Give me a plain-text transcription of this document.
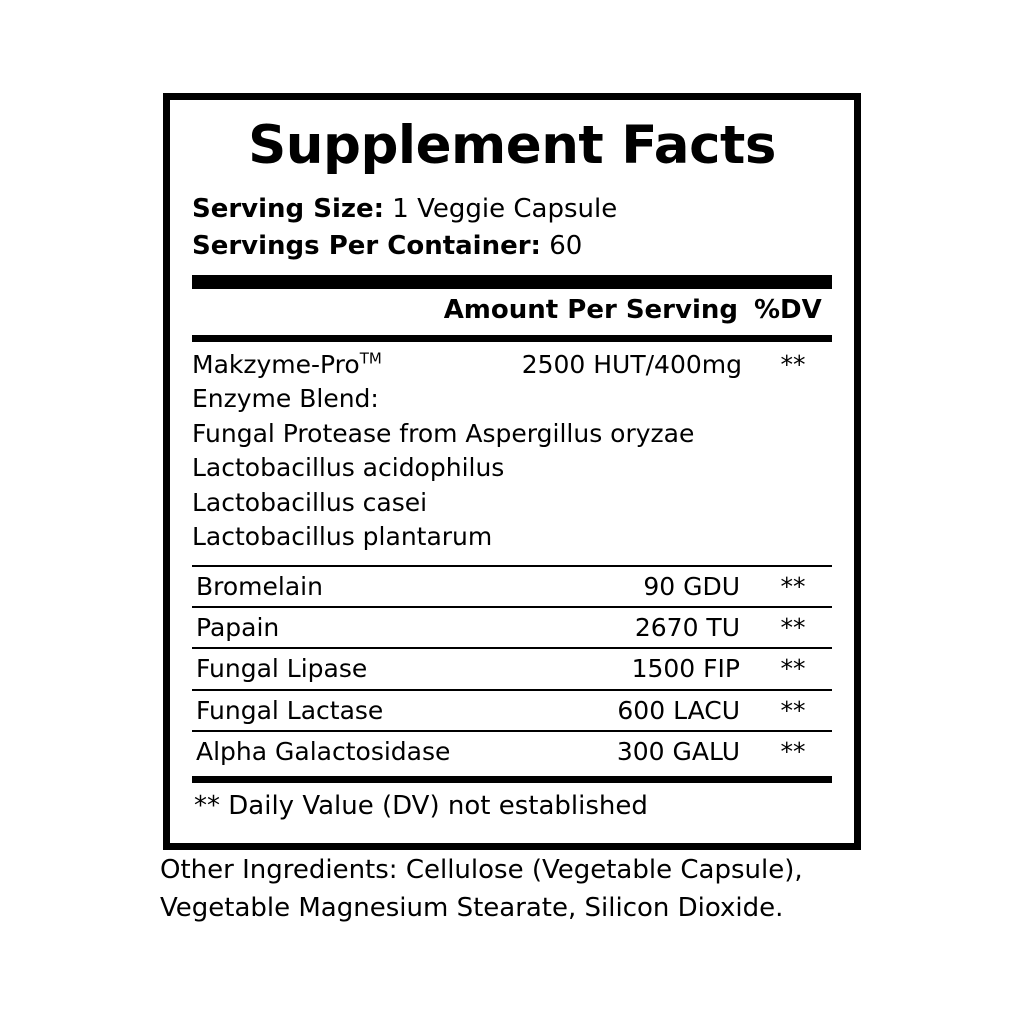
Supplement Facts
Serving Size: 1 Veggie Capsule
Servings Per Container: 60
Amount Per Serving %DV
Makzyme-Pro™	2500 HUT/400mg	**
Enzyme Blend:
Fungal Protease from Aspergillus oryzae
Lactobacillus acidophilus
Lactobacillus casei
Lactobacillus plantarum
Bromelain	90 GDU	**
Papain	2670 TU	**
Fungal Lipase	1500 FIP	**
Fungal Lactase	600 LACU	**
Alpha Galactosidase	300 GALU	**
** Daily Value (DV) not established
Other Ingredients: Cellulose (Vegetable Capsule),
Vegetable Magnesium Stearate, Silicon Dioxide.
